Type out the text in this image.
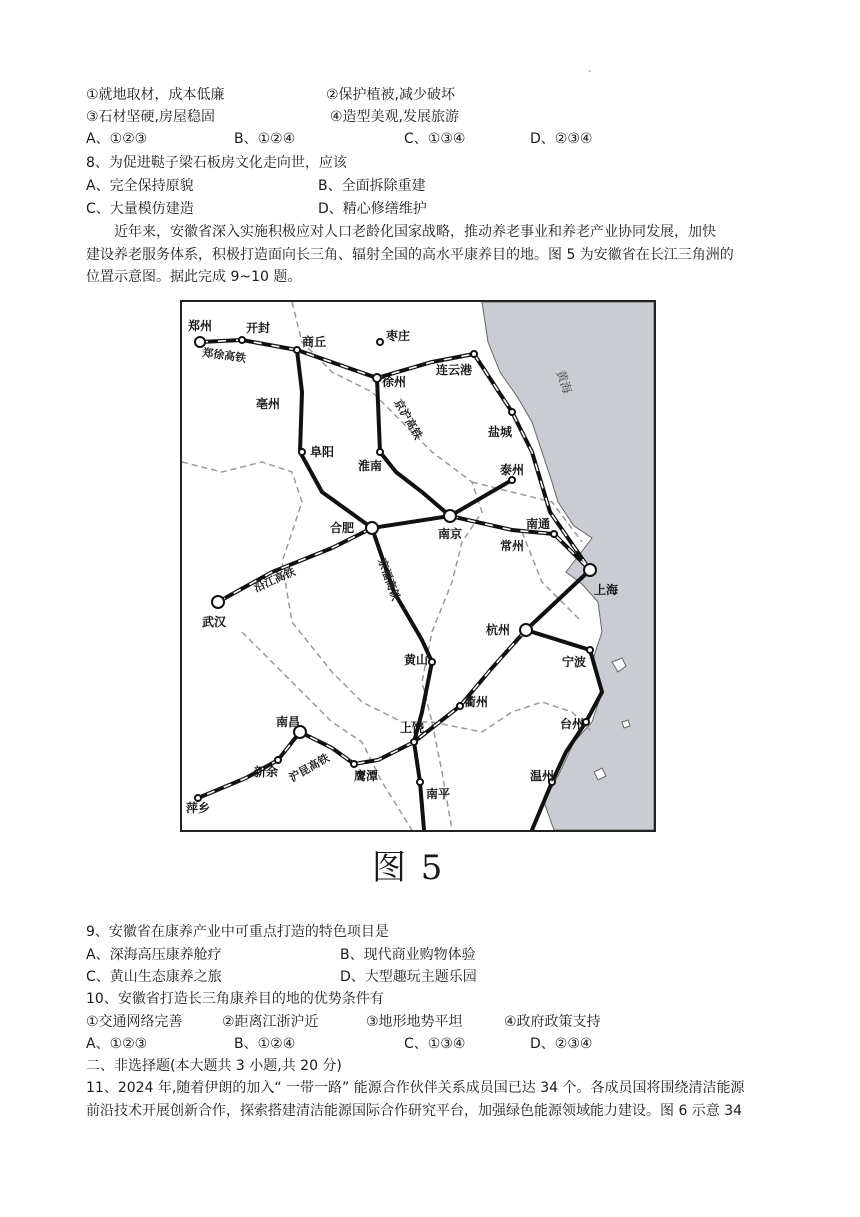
-
①就地取材，成本低廉	②保护植被,减少破坏
③石材坚硬,房屋稳固	④造型美观,发展旅游
A、①②③	B、①②④	C、①③④	D、②③④
8、为促进鞑子梁石板房文化走向世，应该
A、完全保持原貌	B、全面拆除重建
C、大量模仿建造	D、精心修缮维护
近年来，安徽省深入实施积极应对人口老龄化国家战略，推动养老事业和养老产业协同发展，加快
建设养老服务体系，积极打造面向长三角、辐射全国的高水平康养目的地。图 5 为安徽省在长江三角洲的
位置示意图。据此完成 9~10 题。
郑州	开封
商丘	枣庄
徐州
连云港
亳州
盐城
阜阳
淮南	泰州
合肥	南京
南通
常州
上海
武汉
杭州
黄山	宁波
衢州
台州
南昌	上饶
鹰潭	温州
新余
萍乡
南平
郑徐高铁
京沪高铁
沿江高铁	京福高铁
沪昆高铁
黄海
图 5
9、安徽省在康养产业中可重点打造的特色项目是
A、深海高压康养舱疗	B、现代商业购物体验
C、黄山生态康养之旅	D、大型趣玩主题乐园
10、安徽省打造长三角康养目的地的优势条件有
①交通网络完善	②距离江浙沪近	③地形地势平坦	④政府政策支持
A、①②③	B、①②④	C、①③④	D、②③④
二、非选择题(本大题共 3 小题,共 20 分)
11、2024 年,随着伊朗的加入“ 一带一路” 能源合作伙伴关系成员国已达 34 个。各成员国将围绕清洁能源
前沿技术开展创新合作，探索搭建清洁能源国际合作研究平台，加强绿色能源领域能力建设。图 6 示意 34
